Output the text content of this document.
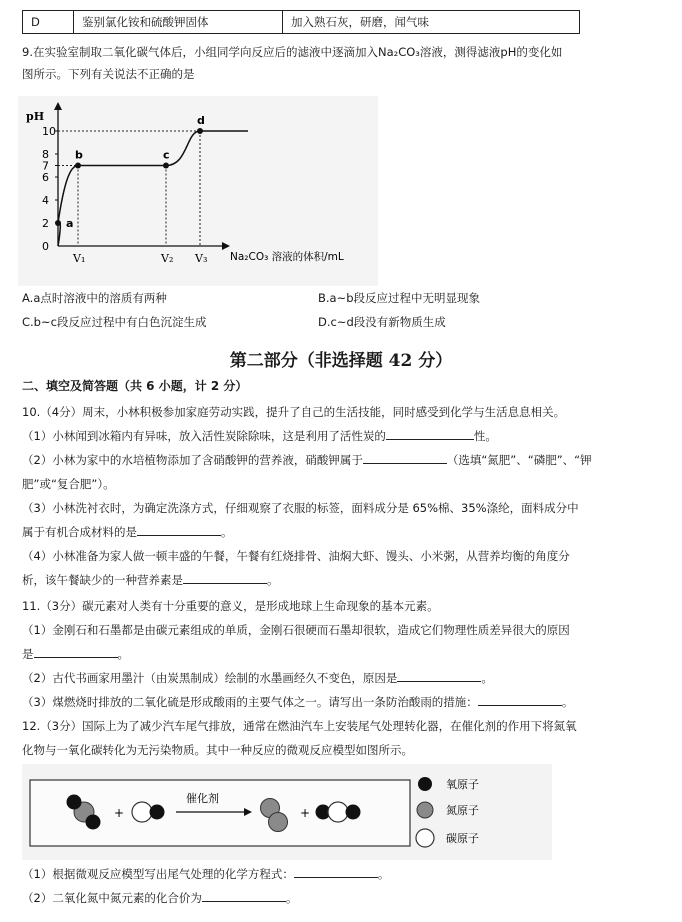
D	鉴别氯化铵和硫酸钾固体	加入熟石灰，研磨，闻气味
9.在实验室制取二氧化碳气体后，小组同学向反应后的滤液中逐滴加入Na₂CO₃溶液，测得滤液pH的变化如
图所示。下列有关说法不正确的是
pH
0
2
4
6
7
8
10
V₁	V₂ V₃
a
b	c
d
Na₂CO₃ 溶液的体积/mL
A.a点时溶液中的溶质有两种	B.a~b段反应过程中无明显现象
C.b~c段反应过程中有白色沉淀生成	D.c~d段没有新物质生成
第二部分（非选择题 42 分）
二、填空及简答题（共 6 小题，计 2 分）
10.（4分）周末，小林积极参加家庭劳动实践，提升了自己的生活技能，同时感受到化学与生活息息相关。
（1）小林闻到冰箱内有异味，放入活性炭除除味，这是利用了活性炭的	性。
（2）小林为家中的水培植物添加了含硝酸钾的营养液，硝酸钾属于	（选填“氮肥”、“磷肥”、“钾
肥”或“复合肥”）。
（3）小林洗衬衣时，为确定洗涤方式，仔细观察了衣服的标签，面料成分是 65%棉、35%涤纶，面料成分中
属于有机合成材料的是	。
（4）小林准备为家人做一顿丰盛的午餐，午餐有红烧排骨、油焖大虾、馒头、小米粥，从营养均衡的角度分
析，该午餐缺少的一种营养素是	。
11.（3分）碳元素对人类有十分重要的意义，是形成地球上生命现象的基本元素。
（1）金刚石和石墨都是由碳元素组成的单质，金刚石很硬而石墨却很软，造成它们物理性质差异很大的原因
是	。
（2）古代书画家用墨汁（由炭黑制成）绘制的水墨画经久不变色，原因是	。
（3）煤燃烧时排放的二氧化硫是形成酸雨的主要气体之一。请写出一条防治酸雨的措施：	。
12.（3分）国际上为了减少汽车尾气排放，通常在燃油汽车上安装尾气处理转化器，在催化剂的作用下将氮氧
化物与一氧化碳转化为无污染物质。其中一种反应的微观反应模型如图所示。
+
催化剂
+
氧原子
氮原子
碳原子
（1）根据微观反应模型写出尾气处理的化学方程式：	。
（2）二氧化氮中氮元素的化合价为	。
